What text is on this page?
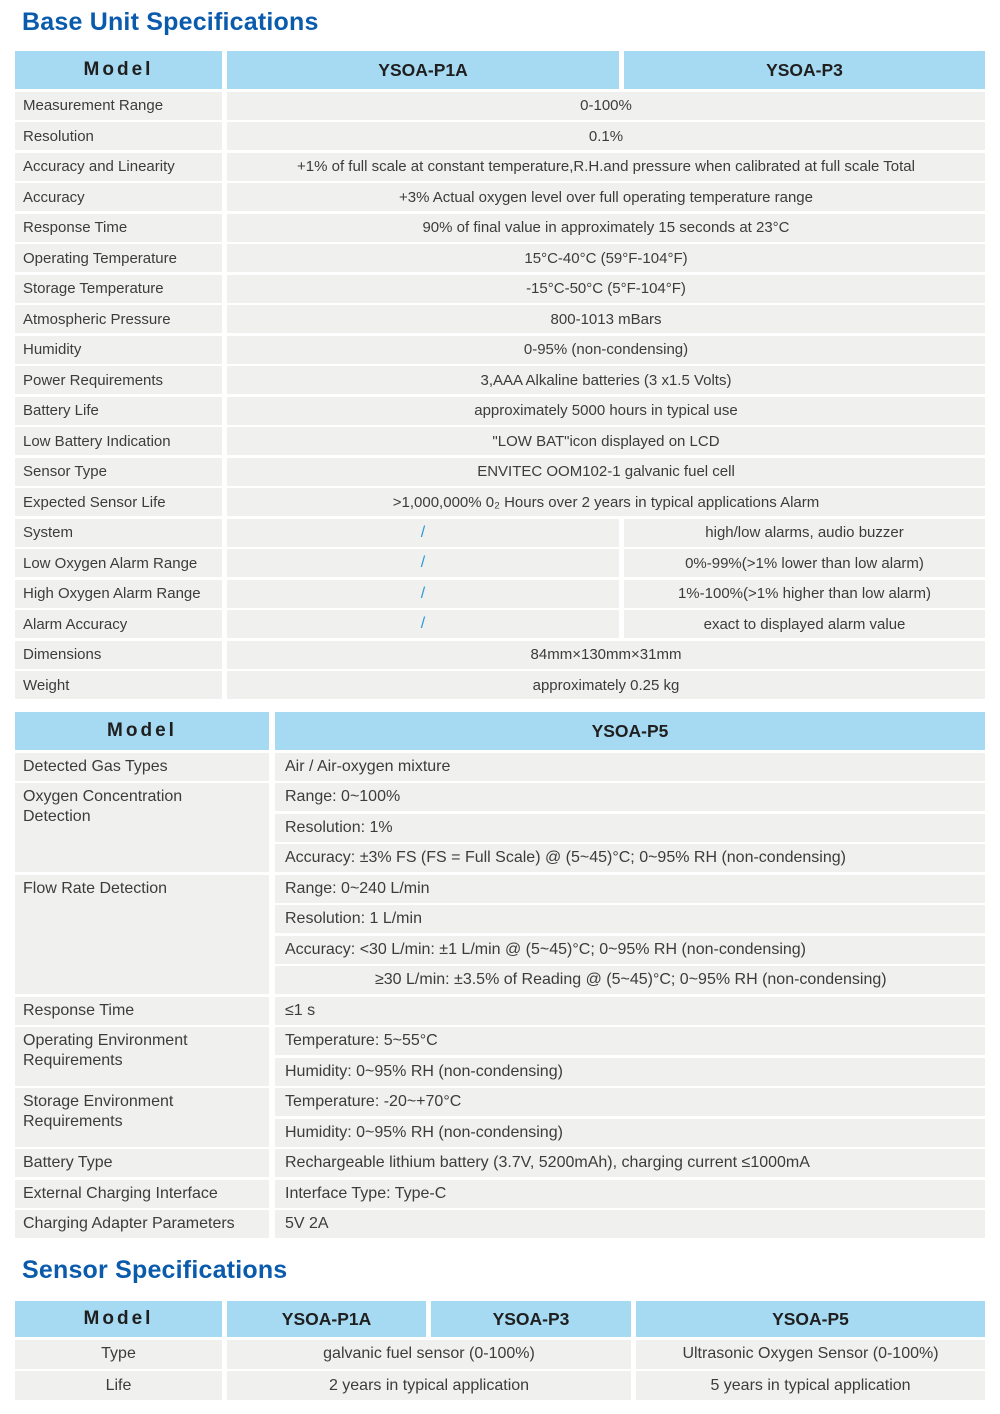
Base Unit Specifications
Model	YSOA-P1A	YSOA-P3
Measurement Range	0-100%
Resolution	0.1%
Accuracy and Linearity	+1% of full scale at constant temperature,R.H.and pressure when calibrated at full scale Total
Accuracy	+3% Actual oxygen level over full operating temperature range
Response Time	90% of final value in approximately 15 seconds at 23°C
Operating Temperature	15°C-40°C (59°F-104°F)
Storage Temperature	-15°C-50°C (5°F-104°F)
Atmospheric Pressure	800-1013 mBars
Humidity	0-95% (non-condensing)
Power Requirements	3,AAA Alkaline batteries (3 x1.5 Volts)
Battery Life	approximately 5000 hours in typical use
Low Battery Indication	"LOW BAT"icon displayed on LCD
Sensor Type	ENVITEC OOM102-1 galvanic fuel cell
Expected Sensor Life	>1,000,000% 0₂ Hours over 2 years in typical applications Alarm
System	/	high/low alarms, audio buzzer
Low Oxygen Alarm Range	/	0%-99%(>1% lower than low alarm)
High Oxygen Alarm Range	/	1%-100%(>1% higher than low alarm)
Alarm Accuracy	/	exact to displayed alarm value
Dimensions	84mm×130mm×31mm
Weight	approximately 0.25 kg
Model	YSOA-P5
Detected Gas Types	Air / Air-oxygen mixture
Oxygen Concentration Detection
Range: 0~100%
Resolution: 1%
Accuracy: ±3% FS (FS = Full Scale) @ (5~45)°C; 0~95% RH (non-condensing)
Flow Rate Detection	Range: 0~240 L/min
Resolution: 1 L/min
Accuracy: <30 L/min: ±1 L/min @ (5~45)°C; 0~95% RH (non-condensing)
≥30 L/min: ±3.5% of Reading @ (5~45)°C; 0~95% RH (non-condensing)
Response Time	≤1 s
Operating Environment Requirements
Temperature: 5~55°C
Humidity: 0~95% RH (non-condensing)
Storage Environment Requirements
Temperature: -20~+70°C
Humidity: 0~95% RH (non-condensing)
Battery Type	Rechargeable lithium battery (3.7V, 5200mAh), charging current ≤1000mA
External Charging Interface	Interface Type: Type-C
Charging Adapter Parameters	5V 2A
Sensor Specifications
Model	YSOA-P1A	YSOA-P3	YSOA-P5
Type	galvanic fuel sensor (0-100%)	Ultrasonic Oxygen Sensor (0-100%)
Life	2 years in typical application	5 years in typical application
